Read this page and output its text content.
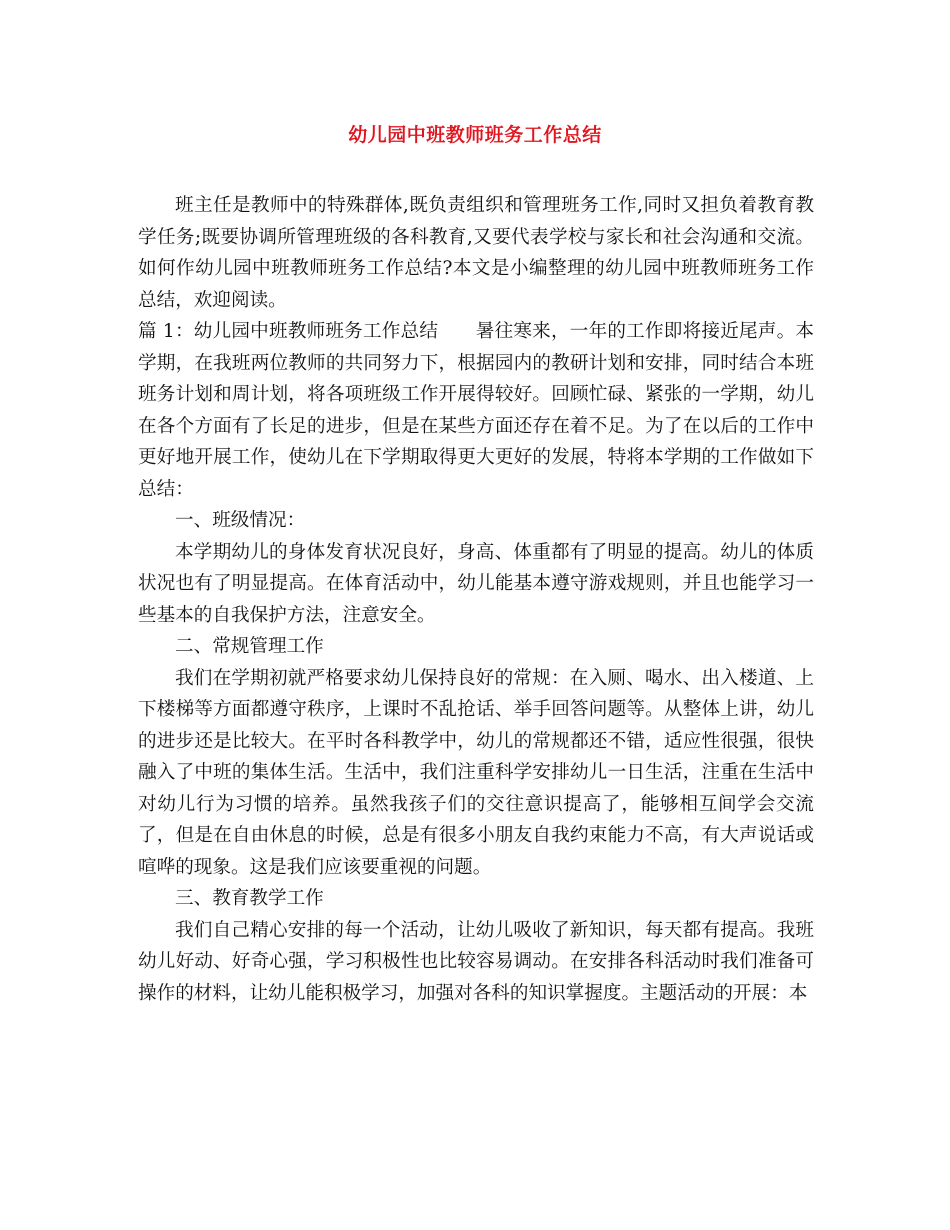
幼儿园中班教师班务工作总结

班主任是教师中的特殊群体,既负责组织和管理班务工作,同时又担负着教育教学任务;既要协调所管理班级的各科教育,又要代表学校与家长和社会沟通和交流。如何作幼儿园中班教师班务工作总结?本文是小编整理的幼儿园中班教师班务工作总结，欢迎阅读。

篇 1：幼儿园中班教师班务工作总结　　暑往寒来，一年的工作即将接近尾声。本学期，在我班两位教师的共同努力下，根据园内的教研计划和安排，同时结合本班班务计划和周计划，将各项班级工作开展得较好。回顾忙碌、紧张的一学期，幼儿在各个方面有了长足的进步，但是在某些方面还存在着不足。为了在以后的工作中更好地开展工作，使幼儿在下学期取得更大更好的发展，特将本学期的工作做如下总结：

一、班级情况：

本学期幼儿的身体发育状况良好，身高、体重都有了明显的提高。幼儿的体质状况也有了明显提高。在体育活动中，幼儿能基本遵守游戏规则，并且也能学习一些基本的自我保护方法，注意安全。

二、常规管理工作

我们在学期初就严格要求幼儿保持良好的常规：在入厕、喝水、出入楼道、上下楼梯等方面都遵守秩序，上课时不乱抢话、举手回答问题等。从整体上讲，幼儿的进步还是比较大。在平时各科教学中，幼儿的常规都还不错，适应性很强，很快融入了中班的集体生活。生活中，我们注重科学安排幼儿一日生活，注重在生活中对幼儿行为习惯的培养。虽然我孩子们的交往意识提高了，能够相互间学会交流了，但是在自由休息的时候，总是有很多小朋友自我约束能力不高，有大声说话或喧哗的现象。这是我们应该要重视的问题。

三、教育教学工作

我们自己精心安排的每一个活动，让幼儿吸收了新知识，每天都有提高。我班幼儿好动、好奇心强，学习积极性也比较容易调动。在安排各科活动时我们准备可操作的材料，让幼儿能积极学习，加强对各科的知识掌握度。主题活动的开展：本
